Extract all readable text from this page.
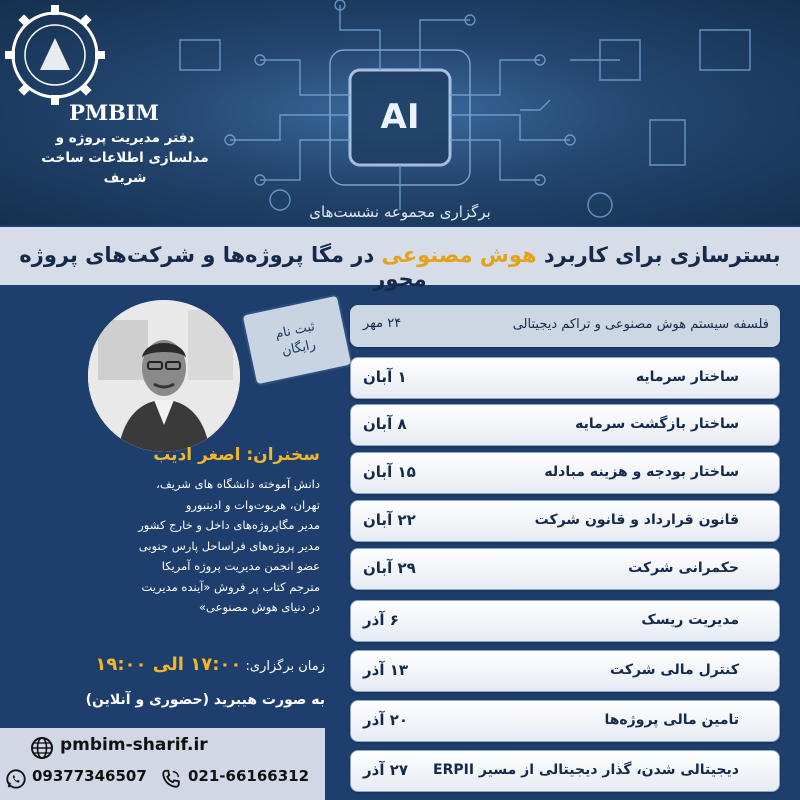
AI
PMBIM
دفتر مدیریت پروژه و
مدلسازی اطلاعات ساخت شریف
برگزاری مجموعه نشست‌های
بسترسازی برای کاربرد هوش مصنوعی در مگا پروژه‌ها و شرکت‌های پروژه محور
ثبت نام
رایگان
سخنران: اصغر ادیب
دانش آموخته دانشگاه های شریف،
تهران، هریوت‌وات و ادینبورو
مدیر مگاپروژه‌های داخل و خارج کشور
مدیر پروژه‌های فراساحل پارس جنوبی
عضو انجمن مدیریت پروژه آمریکا
مترجم کتاب پر فروش «آینده مدیریت
در دنیای هوش مصنوعی»
زمان برگزاری: ۱۷:۰۰ الی ۱۹:۰۰
به صورت هیبرید (حضوری و آنلاین)
pmbim-sharif.ir
09377346507	021-66166312
فلسفه سیستم هوش مصنوعی و تراکم دیجیتالی
۲۴ مهر
ساختار سرمایه
۱ آبان
ساختار بازگشت سرمایه
۸ آبان
ساختار بودجه و هزینه مبادله
۱۵ آبان
قانون قرارداد و قانون شرکت
۲۲ آبان
حکمرانی شرکت
۲۹ آبان
مدیریت ریسک
۶ آذر
کنترل مالی شرکت
۱۳ آذر
تامین مالی پروژه‌ها
۲۰ آذر
دیجیتالی شدن، گذار دیجیتالی از مسیر ERPII
۲۷ آذر
